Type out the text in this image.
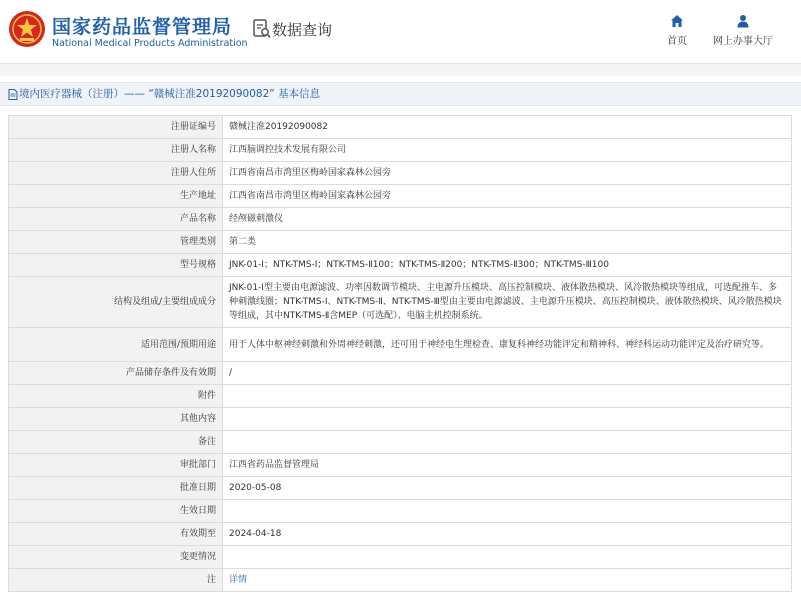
国家药品监督管理局
National Medical Products Administration
数据查询
首页	网上办事大厅
境内医疗器械（注册）—— “赣械注准20192090082” 基本信息
注册证编号	赣械注准20192090082
注册人名称	江西脑调控技术发展有限公司
注册人住所	江西省南昌市湾里区梅岭国家森林公园旁
生产地址	江西省南昌市湾里区梅岭国家森林公园旁
产品名称	经颅磁刺激仪
管理类别	第二类
型号规格	JNK-01-Ⅰ；NTK-TMS-Ⅰ；NTK-TMS-Ⅱ100；NTK-TMS-Ⅱ200；NTK-TMS-Ⅱ300；NTK-TMS-Ⅲ100
结构及组成/主要组成成分	JNK-01-Ⅰ型主要由电源滤波、功率因数调节模块、主电源升压模块、高压控制模块、液体散热模块、风冷散热模块等组成，可选配推车、多种刺激线圈；NTK-TMS-Ⅰ、NTK-TMS-Ⅱ、NTK-TMS-Ⅲ型由主要由电源滤波、主电源升压模块、高压控制模块、液体散热模块、风冷散热模块等组成，其中NTK-TMS-Ⅱ含MEP（可选配）、电脑主机控制系统。
适用范围/预期用途	用于人体中枢神经刺激和外周神经刺激，还可用于神经电生理检查、康复科神经功能评定和精神科、神经科运动功能评定及治疗研究等。
产品储存条件及有效期	/
附件	
其他内容	
备注	
审批部门	江西省药品监督管理局
批准日期	2020-05-08
生效日期	
有效期至	2024-04-18
变更情况	
注	详情
